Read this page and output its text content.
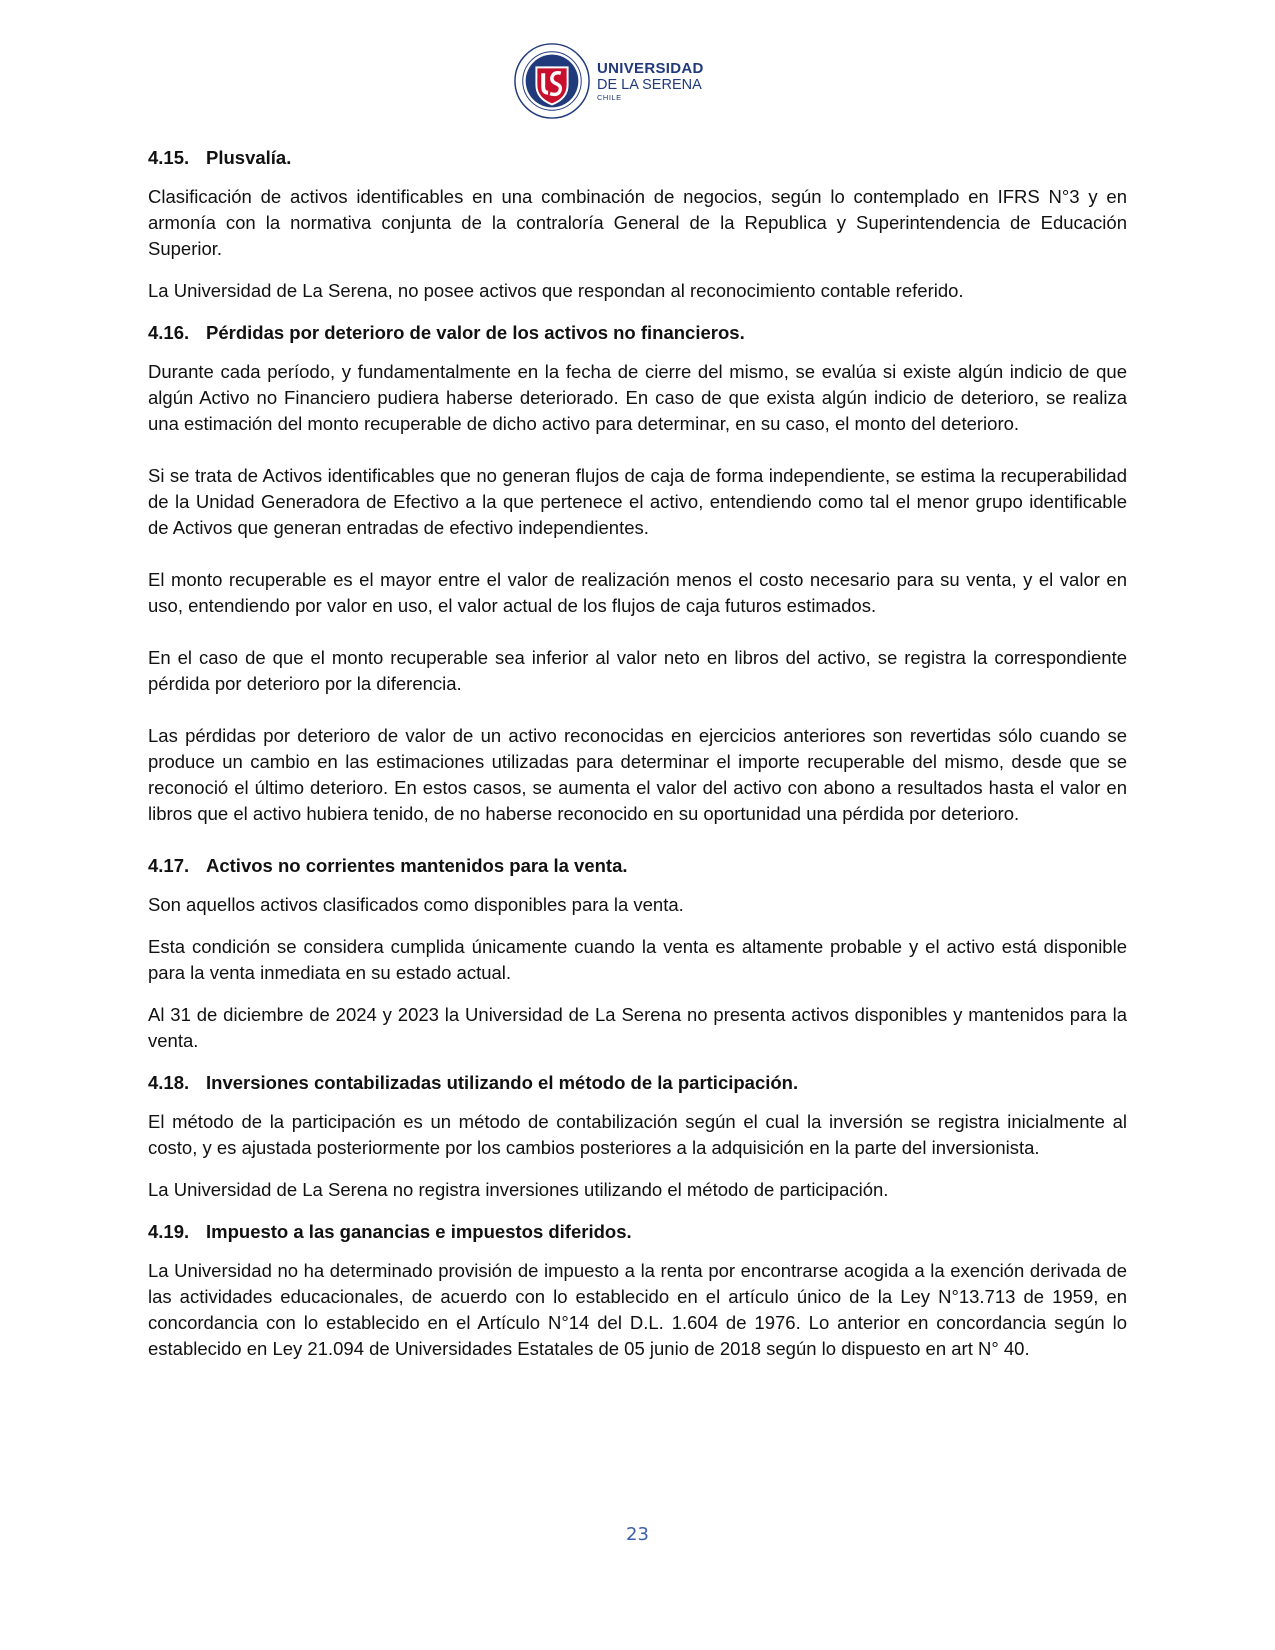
UNIVERSIDAD
DE LA SERENA
CHILE
4.15. Plusvalía.

Clasificación de activos identificables en una combinación de negocios, según lo contemplado en IFRS N°3 y en armonía con la normativa conjunta de la contraloría General de la Republica y Superintendencia de Educación Superior.

La Universidad de La Serena, no posee activos que respondan al reconocimiento contable referido.

4.16. Pérdidas por deterioro de valor de los activos no financieros.

Durante cada período, y fundamentalmente en la fecha de cierre del mismo, se evalúa si existe algún indicio de que algún Activo no Financiero pudiera haberse deteriorado. En caso de que exista algún indicio de deterioro, se realiza una estimación del monto recuperable de dicho activo para determinar, en su caso, el monto del deterioro.

Si se trata de Activos identificables que no generan flujos de caja de forma independiente, se estima la recuperabilidad de la Unidad Generadora de Efectivo a la que pertenece el activo, entendiendo como tal el menor grupo identificable de Activos que generan entradas de efectivo independientes.

El monto recuperable es el mayor entre el valor de realización menos el costo necesario para su venta, y el valor en uso, entendiendo por valor en uso, el valor actual de los flujos de caja futuros estimados.

En el caso de que el monto recuperable sea inferior al valor neto en libros del activo, se registra la correspondiente pérdida por deterioro por la diferencia.

Las pérdidas por deterioro de valor de un activo reconocidas en ejercicios anteriores son revertidas sólo cuando se produce un cambio en las estimaciones utilizadas para determinar el importe recuperable del mismo, desde que se reconoció el último deterioro. En estos casos, se aumenta el valor del activo con abono a resultados hasta el valor en libros que el activo hubiera tenido, de no haberse reconocido en su oportunidad una pérdida por deterioro.

4.17. Activos no corrientes mantenidos para la venta.

Son aquellos activos clasificados como disponibles para la venta.

Esta condición se considera cumplida únicamente cuando la venta es altamente probable y el activo está disponible para la venta inmediata en su estado actual.

Al 31 de diciembre de 2024 y 2023 la Universidad de La Serena no presenta activos disponibles y mantenidos para la venta.

4.18. Inversiones contabilizadas utilizando el método de la participación.

El método de la participación es un método de contabilización según el cual la inversión se registra inicialmente al costo, y es ajustada posteriormente por los cambios posteriores a la adquisición en la parte del inversionista.

La Universidad de La Serena no registra inversiones utilizando el método de participación.

4.19. Impuesto a las ganancias e impuestos diferidos.

La Universidad no ha determinado provisión de impuesto a la renta por encontrarse acogida a la exención derivada de las actividades educacionales, de acuerdo con lo establecido en el artículo único de la Ley N°13.713 de 1959, en concordancia con lo establecido en el Artículo N°14 del D.L. 1.604 de 1976. Lo anterior en concordancia según lo establecido en Ley 21.094 de Universidades Estatales de 05 junio de 2018 según lo dispuesto en art N° 40.

23
